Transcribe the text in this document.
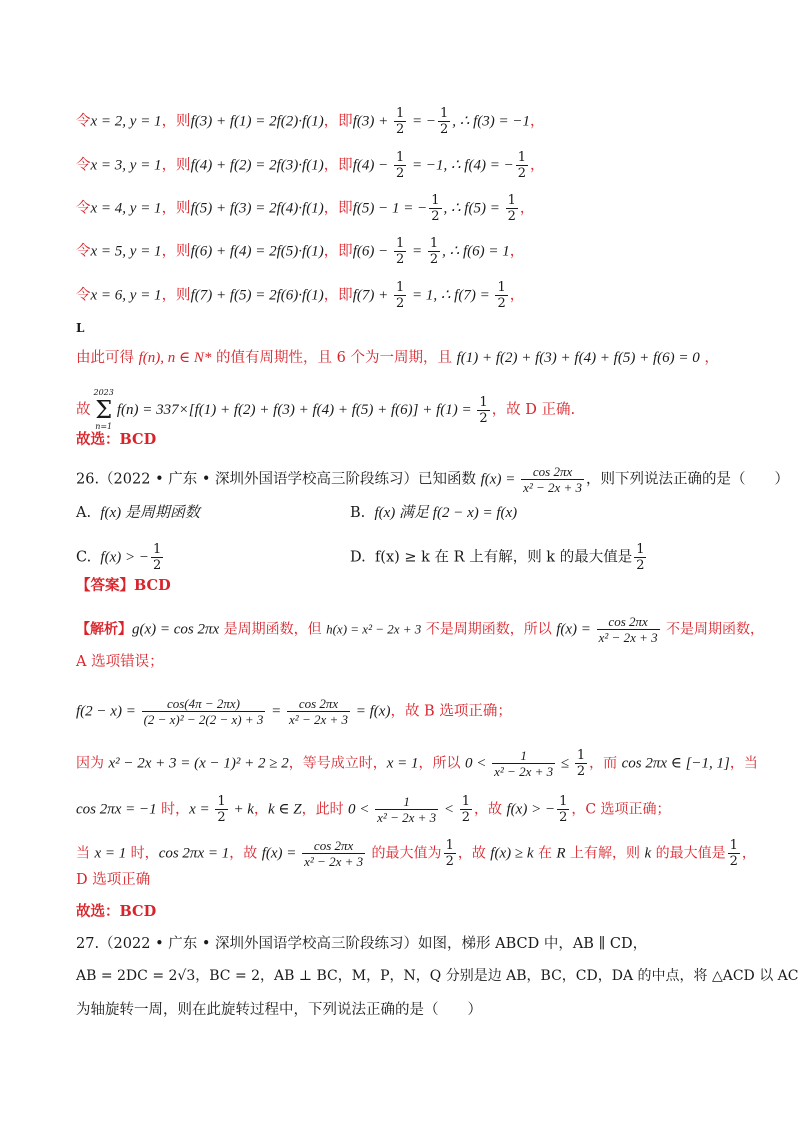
令x = 2, y = 1，则f(3) + f(1) = 2f(2)·f(1)，即$f(3) + \frac{1}{2}$ = − $\frac{1}{2}$ , ∴ f(3) = −1，

令x = 3, y = 1，则f(4) + f(2) = 2f(3)·f(1)，即$f(4) - \frac{1}{2} = -1$, ∴ f(4) = − $\frac{1}{2}$ ，

令x = 4, y = 1，则f(5) + f(3) = 2f(4)·f(1)，即f(5) − 1 = − $\frac{1}{2}$ , ∴ $f(5) = \frac{1}{2}$ ，

令x = 5, y = 1，则f(6) + f(4) = 2f(5)·f(1)，即$f(6) - \frac{1}{2} = \frac{1}{2}$ , ∴ f(6) = 1，

令x = 6, y = 1，则f(7) + f(5) = 2f(6)·f(1)，即$f(7) + \frac{1}{2} = 1$, ∴ $f(7) = \frac{1}{2}$ ，

L

由此可得 f(n), n ∈ N* 的值有周期性，且 6 个为一周期，且 f(1) + f(2) + f(3) + f(4) + f(5) + f(6) = 0 ，

故
2023
Σ
n=1
$f(n) = 337\times[f(1) + f(2) + f(3) + f(4) + f(5) + f(6)] + f(1) = \frac{1}{2}$ ，故 D 正确.

故选：BCD

26.（2022 • 广东 • 深圳外国语学校高三阶段练习）已知函数 $f(x) = \frac{\cos 2\pi x}{\text{x² − 2x + 3}}$ ，则下列说法正确的是（　　）

A. f(x) 是周期函数	B. f(x) 满足 f(2 − x) = f(x)
C. f(x) > − $\frac{1}{2}$	D. f(x) ≥ k 在 R 上有解，则 k 的最大值是 $\frac{1}{2}$

【答案】BCD

【解析】g(x) = cos 2πx 是周期函数，但 h(x) = x² − 2x + 3 不是周期函数，所以 $f(x) = \frac{\cos 2\pi x}{\text{x² − 2x + 3}}$ 不是周期函数，

A 选项错误；

$f(2 - x) = \frac{\cos(4\pi - 2\pi x)}{\text{(2 − x)² − 2(2 − x) + 3}} = \frac{\cos 2\pi x}{\text{x² − 2x + 3}} = f(x)$，故 B 选项正确；

因为 x² − 2x + 3 = (x − 1)² + 2 ≥ 2，等号成立时，x = 1，所以 $0 < \frac{1}{\text{x² − 2x + 3}} \le \frac{1}{2}$ ，而 cos 2πx ∈ [−1, 1]，当

cos 2πx = −1 时，$x = \frac{1}{2} + k$，k ∈ Z，此时 $0 < \frac{1}{\text{x² − 2x + 3}} < \frac{1}{2}$ ，故 f(x) > − $\frac{1}{2}$ ，C 选项正确；

当 x = 1 时，cos 2πx = 1，故 $f(x) = \frac{\cos 2\pi x}{\text{x² − 2x + 3}}$ 的最大值为 $\frac{1}{2}$ ，故 f(x) ≥ k 在 R 上有解，则 k 的最大值是 $\frac{1}{2}$ ，

D 选项正确

故选：BCD

27.（2022 • 广东 • 深圳外国语学校高三阶段练习）如图，梯形 ABCD 中，AB ∥ CD，

AB = 2DC = 2√3，BC = 2，AB ⊥ BC，M，P，N，Q 分别是边 AB，BC，CD，DA 的中点，将 △ACD 以 AC

为轴旋转一周，则在此旋转过程中，下列说法正确的是（　　）
